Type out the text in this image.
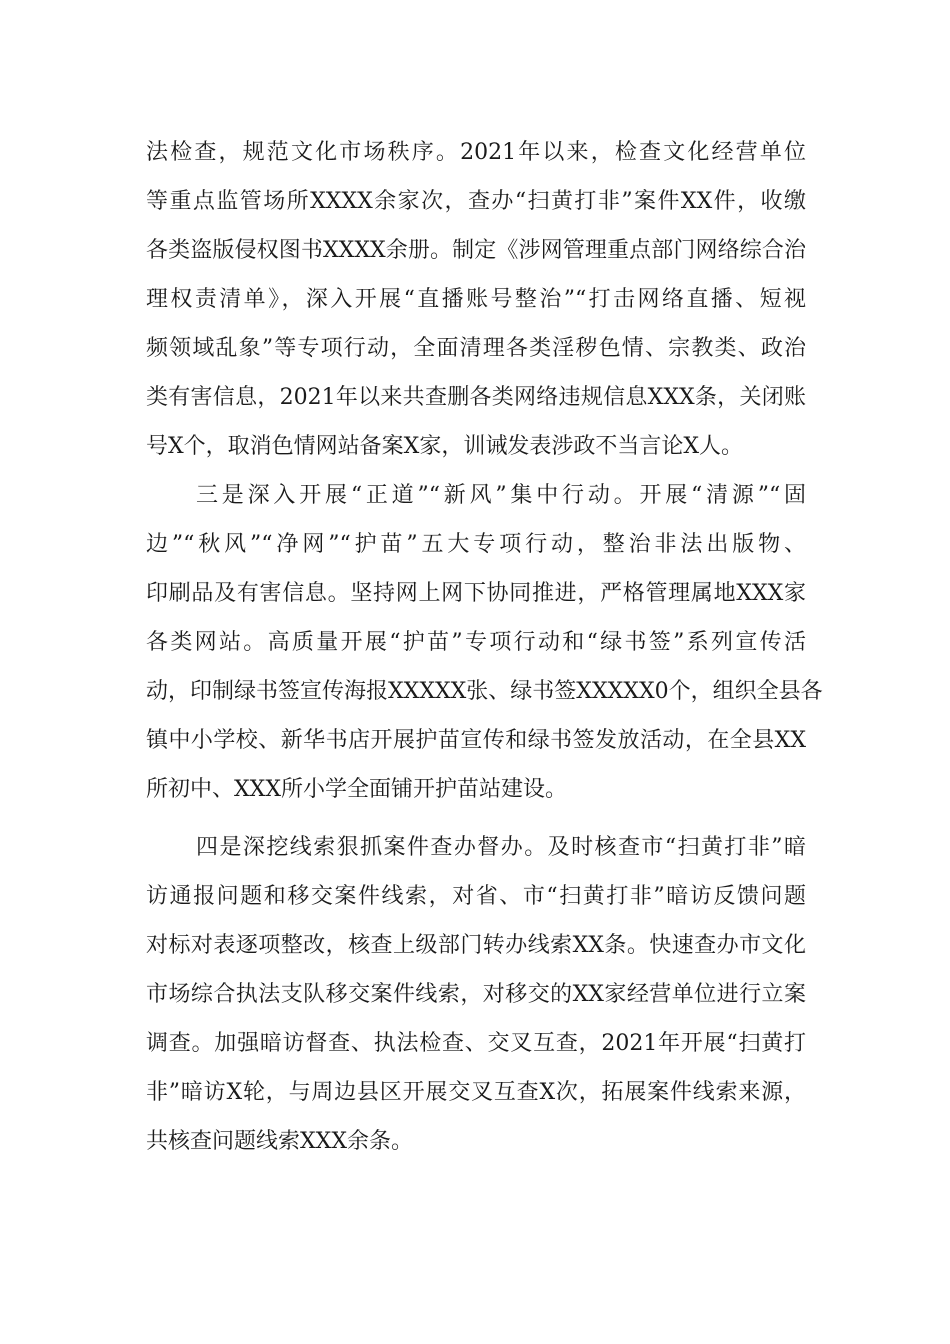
法检查，规范文化市场秩序。2021年以来，检查文化经营单位
等重点监管场所XXXX余家次，查办“扫黄打非”案件XX件，收缴
各类盗版侵权图书XXXX余册。制定《涉网管理重点部门网络综合治
理权责清单》，深入开展“直播账号整治”“打击网络直播、短视
频领域乱象”等专项行动，全面清理各类淫秽色情、宗教类、政治
类有害信息，2021年以来共查删各类网络违规信息XXX条，关闭账
号X个，取消色情网站备案X家，训诫发表涉政不当言论X人。
三是深入开展“正道”“新风”集中行动。开展“清源”“固
边”“秋风”“净网”“护苗”五大专项行动，整治非法出版物、
印刷品及有害信息。坚持网上网下协同推进，严格管理属地XXX家
各类网站。高质量开展“护苗”专项行动和“绿书签”系列宣传活
动，印制绿书签宣传海报XXXXX张、绿书签XXXXX0个，组织全县各
镇中小学校、新华书店开展护苗宣传和绿书签发放活动，在全县XX
所初中、XXX所小学全面铺开护苗站建设。
四是深挖线索狠抓案件查办督办。及时核查市“扫黄打非”暗
访通报问题和移交案件线索，对省、市“扫黄打非”暗访反馈问题
对标对表逐项整改，核查上级部门转办线索XX条。快速查办市文化
市场综合执法支队移交案件线索，对移交的XX家经营单位进行立案
调查。加强暗访督查、执法检查、交叉互查，2021年开展“扫黄打
非”暗访X轮，与周边县区开展交叉互查X次，拓展案件线索来源，
共核查问题线索XXX余条。
